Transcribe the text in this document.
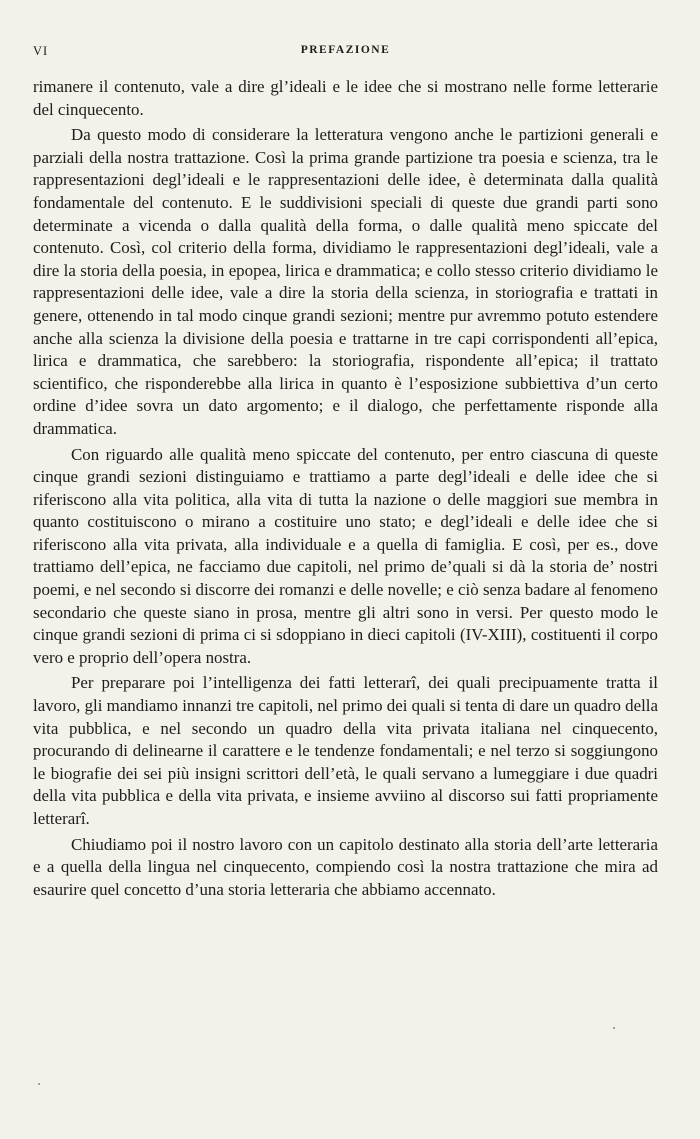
VI	PREFAZIONE

rimanere il contenuto, vale a dire gl’ideali e le idee che si mostrano nelle forme letterarie del cinquecento.

Da questo modo di considerare la letteratura vengono anche le partizioni generali e parziali della nostra trattazione. Così la prima grande partizione tra poesia e scienza, tra le rappresentazioni degl’ideali e le rappresentazioni delle idee, è determinata dalla qualità fondamentale del contenuto. E le suddivisioni speciali di queste due grandi parti sono determinate a vicenda o dalla qualità della forma, o dalle qualità meno spiccate del contenuto. Così, col criterio della forma, dividiamo le rappresentazioni degl’ideali, vale a dire la storia della poesia, in epopea, lirica e drammatica; e collo stesso criterio dividiamo le rappresentazioni delle idee, vale a dire la storia della scienza, in storiografia e trattati in genere, ottenendo in tal modo cinque grandi sezioni; mentre pur avremmo potuto estendere anche alla scienza la divisione della poesia e trattarne in tre capi corrispondenti all’epica, lirica e drammatica, che sarebbero: la storiografia, rispondente all’epica; il trattato scientifico, che risponderebbe alla lirica in quanto è l’esposizione subbiettiva d’un certo ordine d’idee sovra un dato argomento; e il dialogo, che perfettamente risponde alla drammatica.

Con riguardo alle qualità meno spiccate del contenuto, per entro ciascuna di queste cinque grandi sezioni distinguiamo e trattiamo a parte degl’ideali e delle idee che si riferiscono alla vita politica, alla vita di tutta la nazione o delle maggiori sue membra in quanto costituiscono o mirano a costituire uno stato; e degl’ideali e delle idee che si riferiscono alla vita privata, alla individuale e a quella di famiglia. E così, per es., dove trattiamo dell’epica, ne facciamo due capitoli, nel primo de’quali si dà la storia de’ nostri poemi, e nel secondo si discorre dei romanzi e delle novelle; e ciò senza badare al fenomeno secondario che queste siano in prosa, mentre gli altri sono in versi. Per questo modo le cinque grandi sezioni di prima ci si sdoppiano in dieci capitoli (IV-XIII), costituenti il corpo vero e proprio dell’opera nostra.

Per preparare poi l’intelligenza dei fatti letterarî, dei quali precipuamente tratta il lavoro, gli mandiamo innanzi tre capitoli, nel primo dei quali si tenta di dare un quadro della vita pubblica, e nel secondo un quadro della vita privata italiana nel cinquecento, procurando di delinearne il carattere e le tendenze fondamentali; e nel terzo si soggiungono le biografie dei sei più insigni scrittori dell’età, le quali servano a lumeggiare i due quadri della vita pubblica e della vita privata, e insieme avviino al discorso sui fatti propriamente letterarî.

Chiudiamo poi il nostro lavoro con un capitolo destinato alla storia dell’arte letteraria e a quella della lingua nel cinquecento, compiendo così la nostra trattazione che mira ad esaurire quel concetto d’una storia letteraria che abbiamo accennato.
